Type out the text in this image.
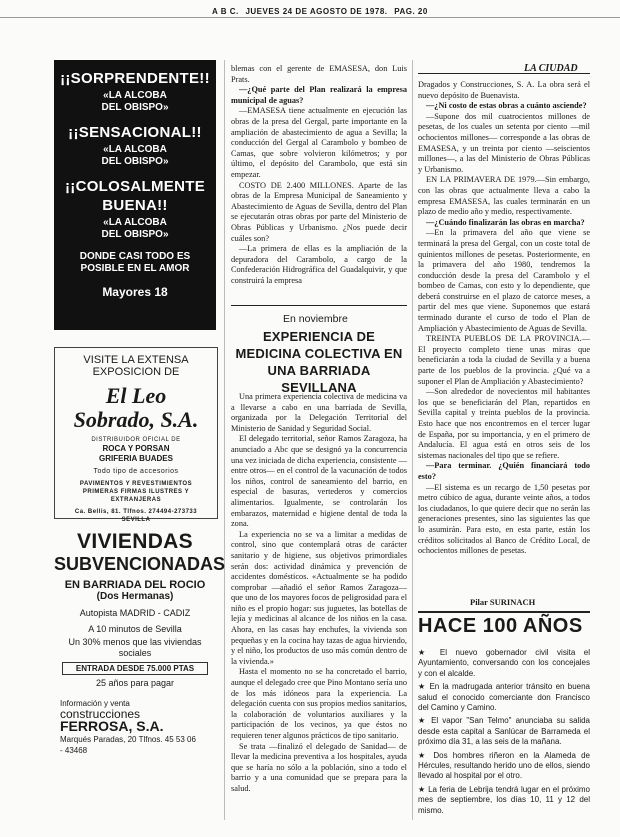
A B C. JUEVES 24 DE AGOSTO DE 1978. PAG. 20
LA CIUDAD
¡¡SORPRENDENTE!!
«LA ALCOBA
DEL OBISPO»
¡¡SENSACIONAL!!
«LA ALCOBA
DEL OBISPO»
¡¡COLOSALMENTE
BUENA!!
«LA ALCOBA
DEL OBISPO»
DONDE CASI TODO ES
POSIBLE EN EL AMOR
Mayores 18
VISITE LA EXTENSA
EXPOSICION DE
El Leo
Sobrado, S.A.
DISTRIBUIDOR OFICIAL DE
ROCA Y PORSAN
GRIFERIA BUADES
Todo tipo de accesorios
PAVIMENTOS Y REVESTIMIENTOS
PRIMERAS FIRMAS ILUSTRES Y
EXTRANJERAS
Ca. Bellis, 81. Tlfnos. 274494-273733
SEVILLA
VIVIENDAS
SUBVENCIONADAS
EN BARRIADA DEL ROCIO
(Dos Hermanas)
Autopista MADRID - CADIZ
A 10 minutos de Sevilla
Un 30% menos que las viviendas
sociales
ENTRADA DESDE 75.000 PTAS
25 años para pagar
Información y venta
construcciones
FERROSA, S.A.
Marqués Paradas, 20 Tlfnos. 45 53 06
- 43468

blemas con el gerente de EMASESA, don Luis Prats.

—¿Qué parte del Plan realizará la empresa municipal de aguas?

—EMASESA tiene actualmente en ejecución las obras de la presa del Gergal, parte importante en la ampliación de abastecimiento de agua a Sevilla; la conducción del Gergal al Carambolo y bombeo de Camas, que sobre volvieron kilómetros; y por último, el depósito del Carambolo, que está sin empezar.

COSTO DE 2.400 MILLONES. Aparte de las obras de la Empresa Municipal de Saneamiento y Abastecimiento de Aguas de Sevilla, dentro del Plan se ejecutarán otras obras por parte del Ministerio de Obras Públicas y Urbanismo. ¿Nos puede decir cuáles son?

—La primera de ellas es la ampliación de la depuradora del Carambolo, a cargo de la Confederación Hidrográfica del Guadalquivir, y que construirá la empresa

En noviembre
EXPERIENCIA DE MEDICINA COLECTIVA EN UNA BARRIADA SEVILLANA

Una primera experiencia colectiva de medicina va a llevarse a cabo en una barriada de Sevilla, organizada por la Delegación Territorial del Ministerio de Sanidad y Seguridad Social.

El delegado territorial, señor Ramos Zaragoza, ha anunciado a Abc que se designó ya la concurrencia una vez iniciada de dicha experiencia, consistente —entre otros— en el control de la vacunación de todos los niños, control de saneamiento del barrio, en especial de basuras, vertederos y comercios alimentarios. Igualmente, se controlarán los embarazos, maternidad e higiene dental de toda la zona.

La experiencia no se va a limitar a medidas de control, sino que contemplará otras de carácter sanitario y de higiene, sus objetivos primordiales serán dos: actividad dinámica y prevención de accidentes domésticos. «Actualmente se ha podido comprobar —añadió el señor Ramos Zaragoza— que uno de los mayores focos de peligrosidad para el niño es el propio hogar: sus juguetes, las botellas de lejía y medicinas al alcance de los niños en la casa. Ahora, en las casas hay enchufes, la vivienda son pequeñas y en la cocina hay tazas de agua hirviendo, y el niño, los productos de uso más común dentro de la vivienda.»

Hasta el momento no se ha concretado el barrio, aunque el delegado cree que Pino Montano sería uno de los más idóneos para la experiencia. La delegación cuenta con sus propios medios sanitarios, la colaboración de voluntarios auxiliares y la participación de los vecinos, ya que éstos no requieren tener algunos prácticos de tipo sanitario.

Se trata —finalizó el delegado de Sanidad— de llevar la medicina preventiva a los hospitales, ayuda que se haría no sólo a la población, sino a todo el barrio y a una comunidad que se prepara para la salud.

Dragados y Construcciones, S. A. La obra será el nuevo depósito de Buenavista.

—¿Ni costo de estas obras a cuánto asciende?

—Supone dos mil cuatrocientos millones de pesetas, de los cuales un setenta por ciento —mil ochocientos millones— corresponde a las obras de EMASESA, y un treinta por ciento —seiscientos millones—, a las del Ministerio de Obras Públicas y Urbanismo.

EN LA PRIMAVERA DE 1979.—Sin embargo, con las obras que actualmente lleva a cabo la empresa EMASESA, las cuales terminarán en un plazo de medio año y medio, respectivamente.

—¿Cuándo finalizarán las obras en marcha?

—En la primavera del año que viene se terminará la presa del Gergal, con un coste total de quinientos millones de pesetas. Posteriormente, en la primavera del año 1980, tendremos la conducción desde la presa del Carambolo y el bombeo de Camas, con esto y lo dependiente, que deberá construirse en el plazo de catorce meses, a partir del mes que viene. Suponemos que estará terminado durante el curso de todo el Plan de Ampliación y Abastecimiento de Aguas de Sevilla.

TREINTA PUEBLOS DE LA PROVINCIA.—El proyecto completo tiene unas miras que beneficiarán a toda la ciudad de Sevilla y a buena parte de los pueblos de la provincia. ¿Qué va a suponer el Plan de Ampliación y Abastecimiento?

—Son alrededor de novecientos mil habitantes los que se beneficiarán del Plan, repartidos en Sevilla capital y treinta pueblos de la provincia. Esto hace que nos encontremos en el tercer lugar de España, por su importancia, y en el primero de Andalucía. El agua está en otros seis de los sistemas nacionales del tipo que se refiere.

—Para terminar. ¿Quién financiará todo esto?

—El sistema es un recargo de 1,50 pesetas por metro cúbico de agua, durante veinte años, a todos los ciudadanos, lo que quiere decir que no serán las generaciones presentes, sino las siguientes las que lo asumirán. Para esto, en esta parte, están los créditos solicitados al Banco de Crédito Local, de ochocientos millones de pesetas.

Pilar SURINACH
HACE 100 AÑOS

★ El nuevo gobernador civil visita el Ayuntamiento, conversando con los concejales y con el alcalde.

★ En la madrugada anterior tránsito en buena salud el conocido comerciante don Francisco del Camino y Camino.

★ El vapor "San Telmo" anunciaba su salida desde esta capital a Sanlúcar de Barrameda el próximo día 31, a las seis de la mañana.

★ Dos hombres riñeron en la Alameda de Hércules, resultando herido uno de ellos, siendo llevado al hospital por el otro.

★ La feria de Lebrija tendrá lugar en el próximo mes de septiembre, los días 10, 11 y 12 del mismo.
